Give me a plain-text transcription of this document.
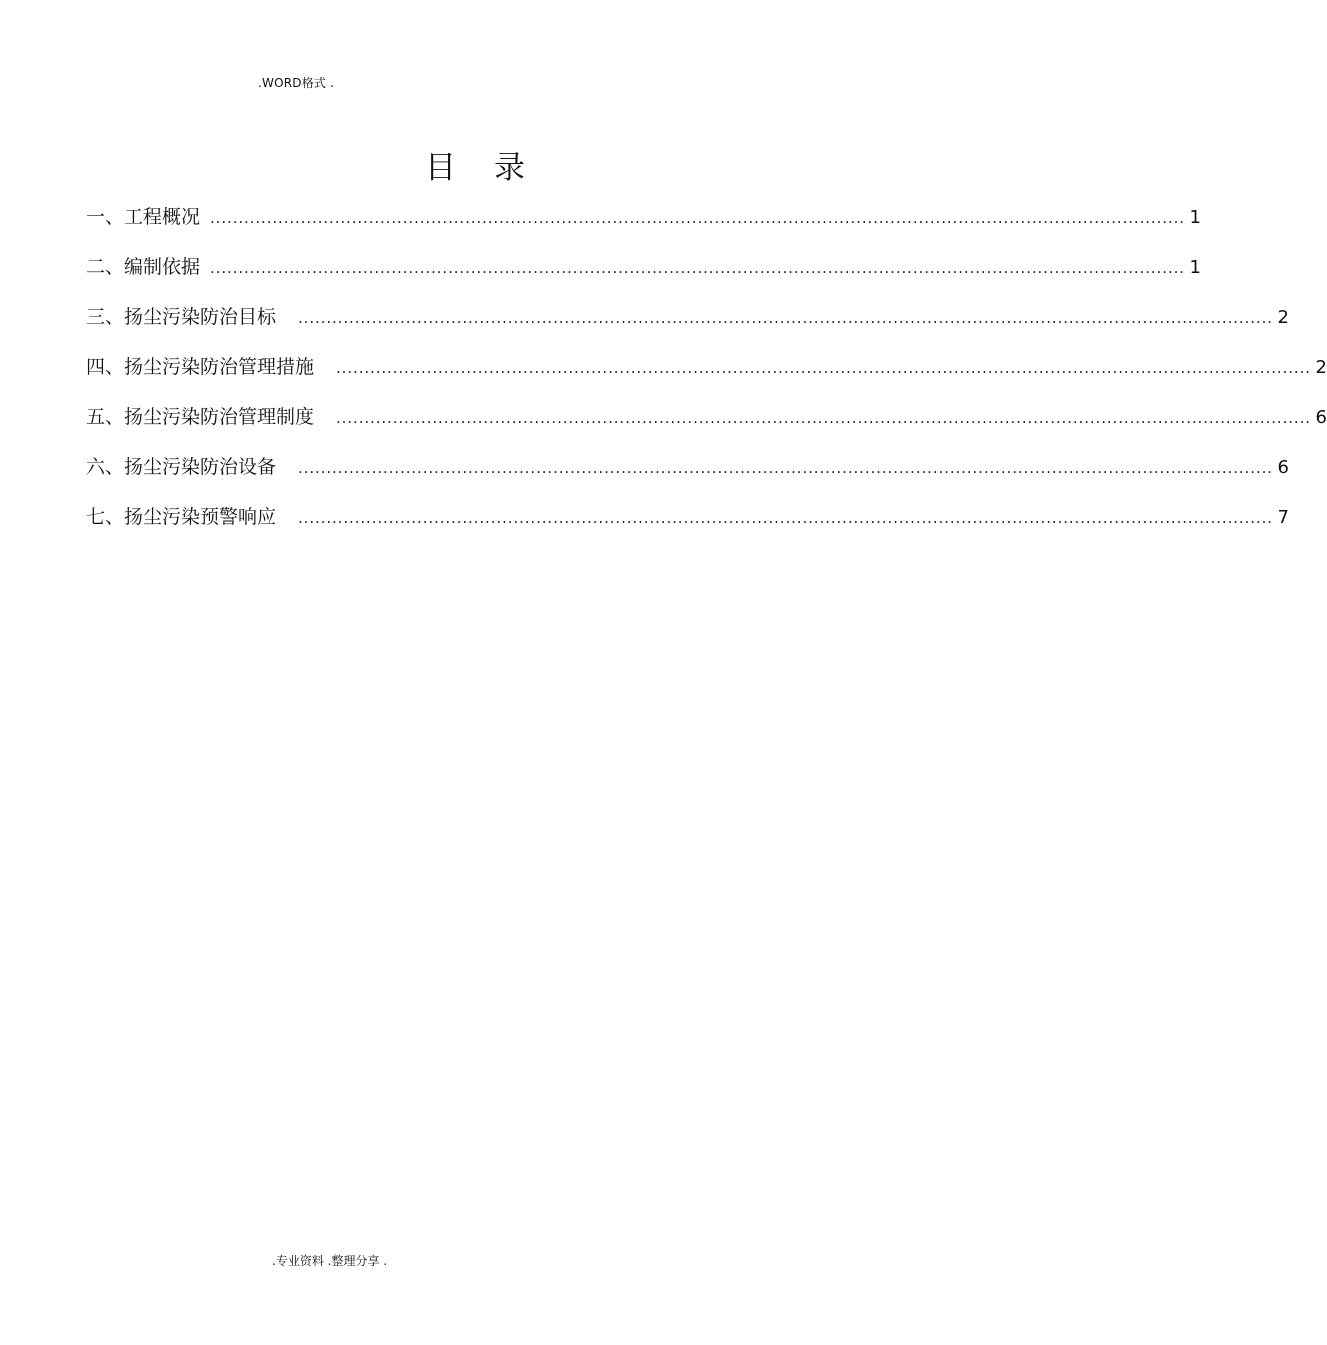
.WORD格式 .
目录
一、工程概况 ............................................................................................................................................................................ 1
二、编制依据 ............................................................................................................................................................................ 1
三、扬尘污染防治目标 ............................................................................................................................................................................ 2
四、扬尘污染防治管理措施 ............................................................................................................................................................................ 2
五、扬尘污染防治管理制度 ............................................................................................................................................................................ 6
六、扬尘污染防治设备 ............................................................................................................................................................................ 6
七、扬尘污染预警响应 ............................................................................................................................................................................ 7
.专业资料 .整理分享 .
